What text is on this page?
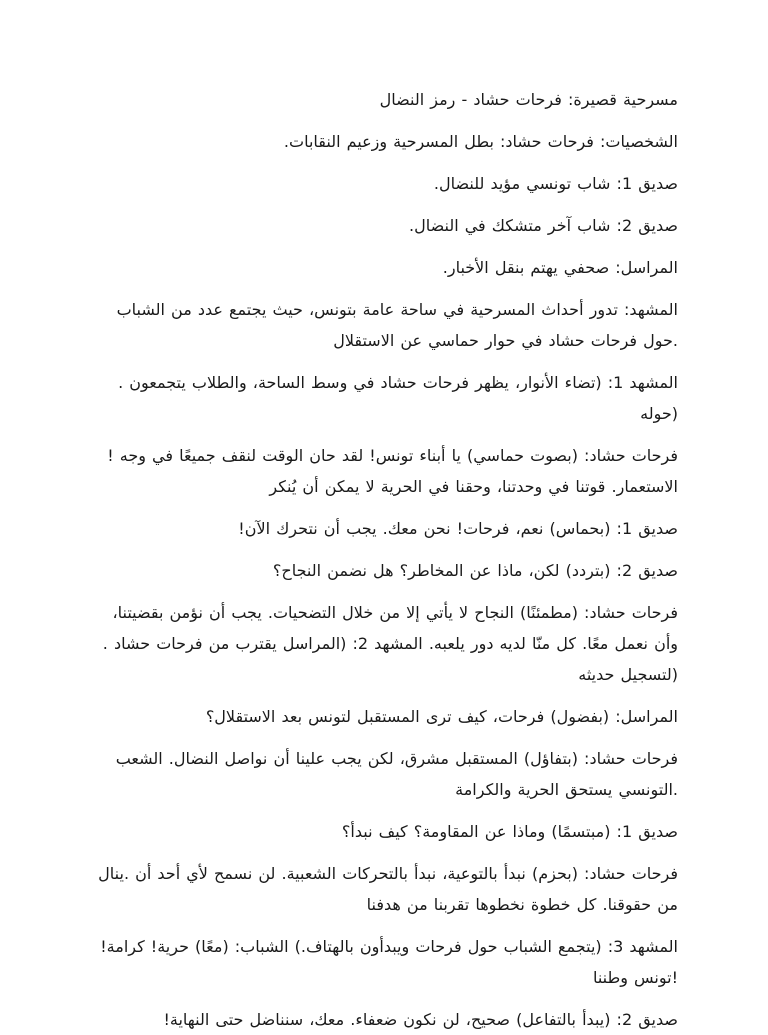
مسرحية قصيرة: فرحات حشاد - رمز النضال

.الشخصيات: فرحات حشاد: بطل المسرحية وزعيم النقابات

.صديق 1: شاب تونسي مؤيد للنضال

.صديق 2: شاب آخر متشكك في النضال

.المراسل: صحفي يهتم بنقل الأخبار

المشهد: تدور أحداث المسرحية في ساحة عامة بتونس، حيث يجتمع عدد من الشباب .حول فرحات حشاد في حوار حماسي عن الاستقلال

المشهد 1: (تضاء الأنوار، يظهر فرحات حشاد في وسط الساحة، والطلاب يتجمعون .(حوله

فرحات حشاد: (بصوت حماسي) يا أبناء تونس! لقد حان الوقت لنقف جميعًا في وجه !الاستعمار. قوتنا في وحدتنا، وحقنا في الحرية لا يمكن أن يُنكر

!صديق 1: (بحماس) نعم، فرحات! نحن معك. يجب أن نتحرك الآن

صديق 2: (بتردد) لكن، ماذا عن المخاطر؟ هل نضمن النجاح؟

،فرحات حشاد: (مطمئنًا) النجاح لا يأتي إلا من خلال التضحيات. يجب أن نؤمن بقضيتنا وأن نعمل معًا. كل منّا لديه دور يلعبه. المشهد 2: (المراسل يقترب من فرحات حشاد .(لتسجيل حديثه

المراسل: (بفضول) فرحات، كيف ترى المستقبل لتونس بعد الاستقلال؟

فرحات حشاد: (بتفاؤل) المستقبل مشرق، لكن يجب علينا أن نواصل النضال. الشعب .التونسي يستحق الحرية والكرامة

صديق 1: (مبتسمًا) وماذا عن المقاومة؟ كيف نبدأ؟

فرحات حشاد: (بحزم) نبدأ بالتوعية، نبدأ بالتحركات الشعبية. لن نسمح لأي أحد أن .ينال من حقوقنا. كل خطوة نخطوها تقربنا من هدفنا

!المشهد 3: (يتجمع الشباب حول فرحات ويبدأون بالهتاف.) الشباب: (معًا) حرية! كرامة !تونس وطننا

!صديق 2: (يبدأ بالتفاعل) صحيح، لن نكون ضعفاء. معك، سنناضل حتى النهاية
